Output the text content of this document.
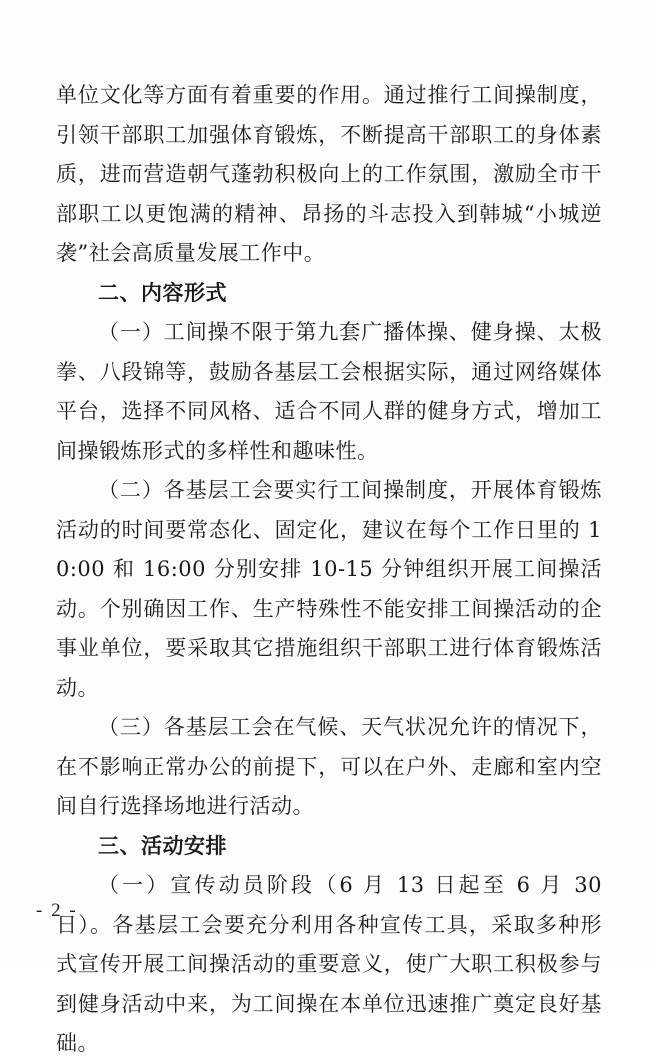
单位文化等方面有着重要的作用。通过推行工间操制度，引领干部职工加强体育锻炼，不断提高干部职工的身体素质，进而营造朝气蓬勃积极向上的工作氛围，激励全市干部职工以更饱满的精神、昂扬的斗志投入到韩城“小城逆袭”社会高质量发展工作中。

二、内容形式

（一）工间操不限于第九套广播体操、健身操、太极拳、八段锦等，鼓励各基层工会根据实际，通过网络媒体平台，选择不同风格、适合不同人群的健身方式，增加工间操锻炼形式的多样性和趣味性。

（二）各基层工会要实行工间操制度，开展体育锻炼活动的时间要常态化、固定化，建议在每个工作日里的 10:00 和 16:00 分别安排 10-15 分钟组织开展工间操活动。个别确因工作、生产特殊性不能安排工间操活动的企事业单位，要采取其它措施组织干部职工进行体育锻炼活动。

（三）各基层工会在气候、天气状况允许的情况下，在不影响正常办公的前提下，可以在户外、走廊和室内空间自行选择场地进行活动。

三、活动安排

（一）宣传动员阶段（6 月 13 日起至 6 月 30 日）。各基层工会要充分利用各种宣传工具，采取多种形式宣传开展工间操活动的重要意义，使广大职工积极参与到健身活动中来，为工间操在本单位迅速推广奠定良好基础。

- 2 -
